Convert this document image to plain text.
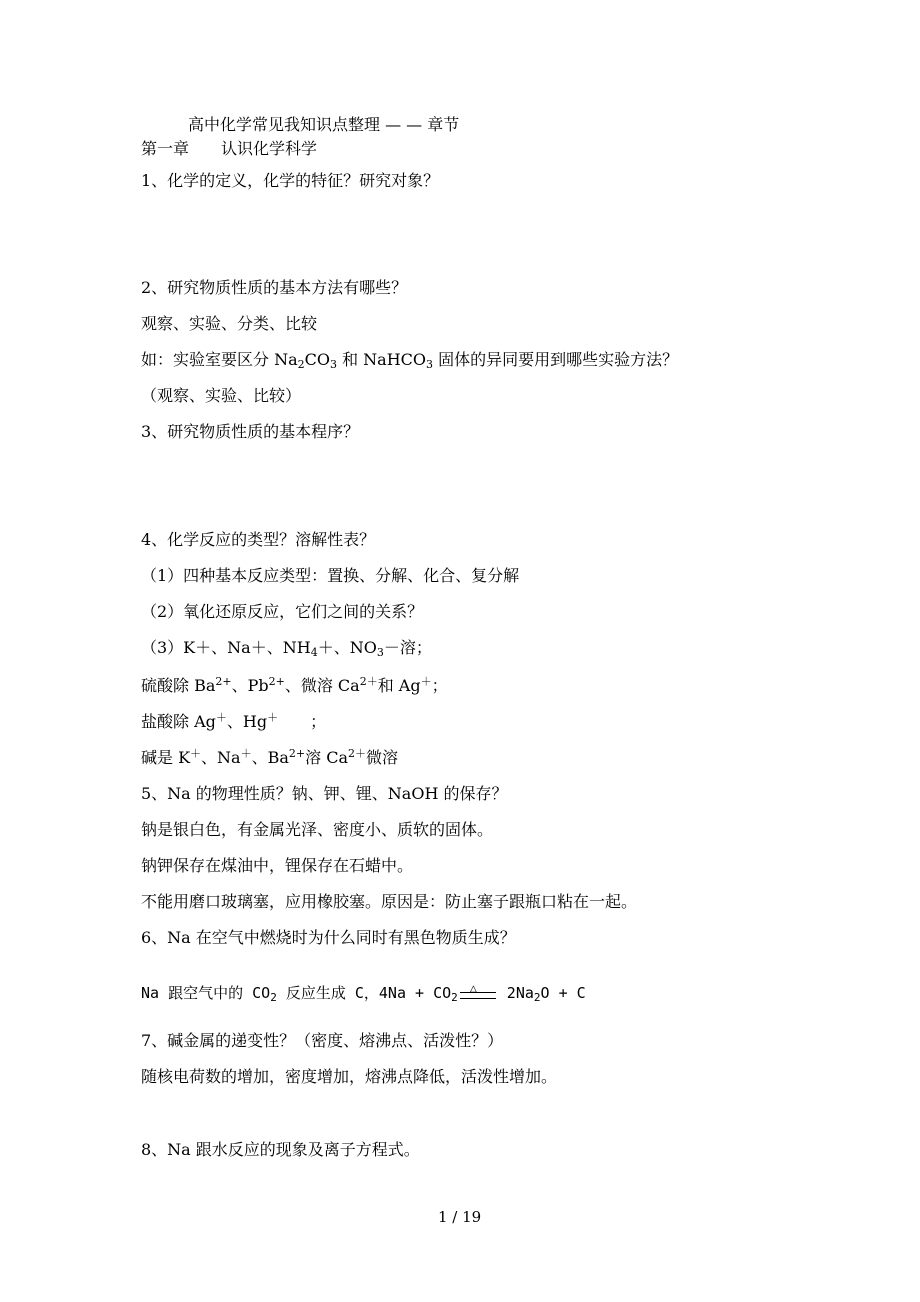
高中化学常见我知识点整理 — — 章节
第一章　　认识化学科学
1、化学的定义，化学的特征？研究对象？
2、研究物质性质的基本方法有哪些？
观察、实验、分类、比较
如：实验室要区分 $Na_2CO_3$ 和 NaHCO$_3$ 固体的异同要用到哪些实验方法？
（观察、实验、比较）
3、研究物质性质的基本程序？
4、化学反应的类型？溶解性表？
（1）四种基本反应类型：置换、分解、化合、复分解
（2）氧化还原反应，它们之间的关系？
（3）K＋、Na＋、$NH_4+$、$NO_3-$溶；
硫酸除 $Ba^{2+}$、$Pb^{2+}$、微溶 $Ca^{2+}$和 Ag＋；
盐酸除 Ag＋、Hg＋　　；
碱是 K＋、Na＋、$Ba^{2+}$溶 $Ca^{2+}$微溶
5、Na 的物理性质？钠、钾、锂、NaOH 的保存？
钠是银白色，有金属光泽、密度小、质软的固体。
钠钾保存在煤油中，锂保存在石蜡中。
不能用磨口玻璃塞，应用橡胶塞。原因是：防止塞子跟瓶口粘在一起。
6、Na 在空气中燃烧时为什么同时有黑色物质生成？
Na 跟空气中的 $CO_2$ 反应生成 C，$4Na + CO_2$
△ $2Na_2O + C$
7、碱金属的递变性？（密度、熔沸点、活泼性？）
随核电荷数的增加，密度增加，熔沸点降低，活泼性增加。
8、Na 跟水反应的现象及离子方程式。
1 / 19
